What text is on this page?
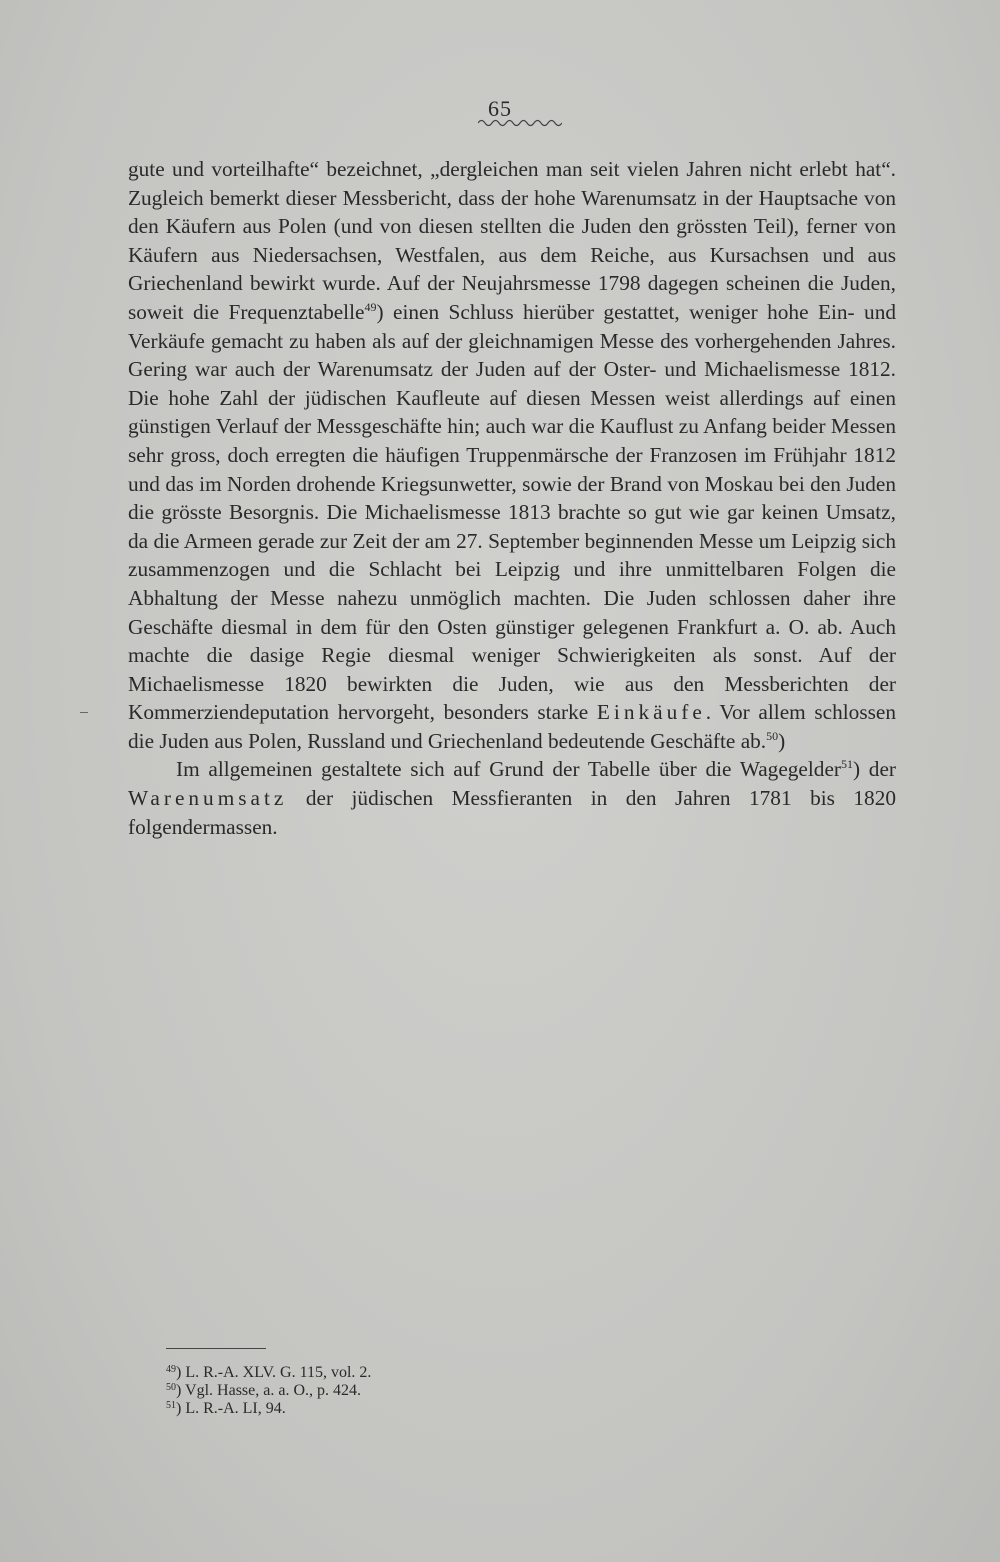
65

gute und vorteilhafte“ bezeichnet, „dergleichen man seit vielen Jahren nicht erlebt hat“. Zugleich bemerkt dieser Messbericht, dass der hohe Warenumsatz in der Hauptsache von den Käufern aus Polen (und von diesen stellten die Juden den grössten Teil), ferner von Käufern aus Niedersachsen, Westfalen, aus dem Reiche, aus Kursachsen und aus Griechenland bewirkt wurde. Auf der Neujahrsmesse 1798 dagegen scheinen die Juden, soweit die Frequenztabelle$^{49}$) einen Schluss hierüber gestattet, weniger hohe Ein- und Verkäufe gemacht zu haben als auf der gleichnamigen Messe des vorhergehenden Jahres. Gering war auch der Warenumsatz der Juden auf der Oster- und Michaelismesse 1812. Die hohe Zahl der jüdischen Kaufleute auf diesen Messen weist allerdings auf einen günstigen Verlauf der Messgeschäfte hin; auch war die Kauflust zu Anfang beider Messen sehr gross, doch erregten die häufigen Truppenmärsche der Franzosen im Frühjahr 1812 und das im Norden drohende Kriegsunwetter, sowie der Brand von Moskau bei den Juden die grösste Besorgnis. Die Michaelismesse 1813 brachte so gut wie gar keinen Umsatz, da die Armeen gerade zur Zeit der am 27. September beginnenden Messe um Leipzig sich zusammenzogen und die Schlacht bei Leipzig und ihre unmittelbaren Folgen die Abhaltung der Messe nahezu unmöglich machten. Die Juden schlossen daher ihre Geschäfte diesmal in dem für den Osten günstiger gelegenen Frankfurt a. O. ab. Auch machte die dasige Regie diesmal weniger Schwierigkeiten als sonst. Auf der Michaelismesse 1820 bewirkten die Juden, wie aus den Messberichten der Kommerziendeputation hervorgeht, besonders starke Einkäufe. Vor allem schlossen die Juden aus Polen, Russland und Griechenland bedeutende Geschäfte ab.$^{50}$)

Im allgemeinen gestaltete sich auf Grund der Tabelle über die Wagegelder$^{51}$) der Warenumsatz der jüdischen Messfieranten in den Jahren 1781 bis 1820 folgendermassen.

$^{49}$) L. R.-A. XLV. G. 115, vol. 2.
$^{50}$) Vgl. Hasse, a. a. O., p. 424.
$^{51}$) L. R.-A. LI, 94.
